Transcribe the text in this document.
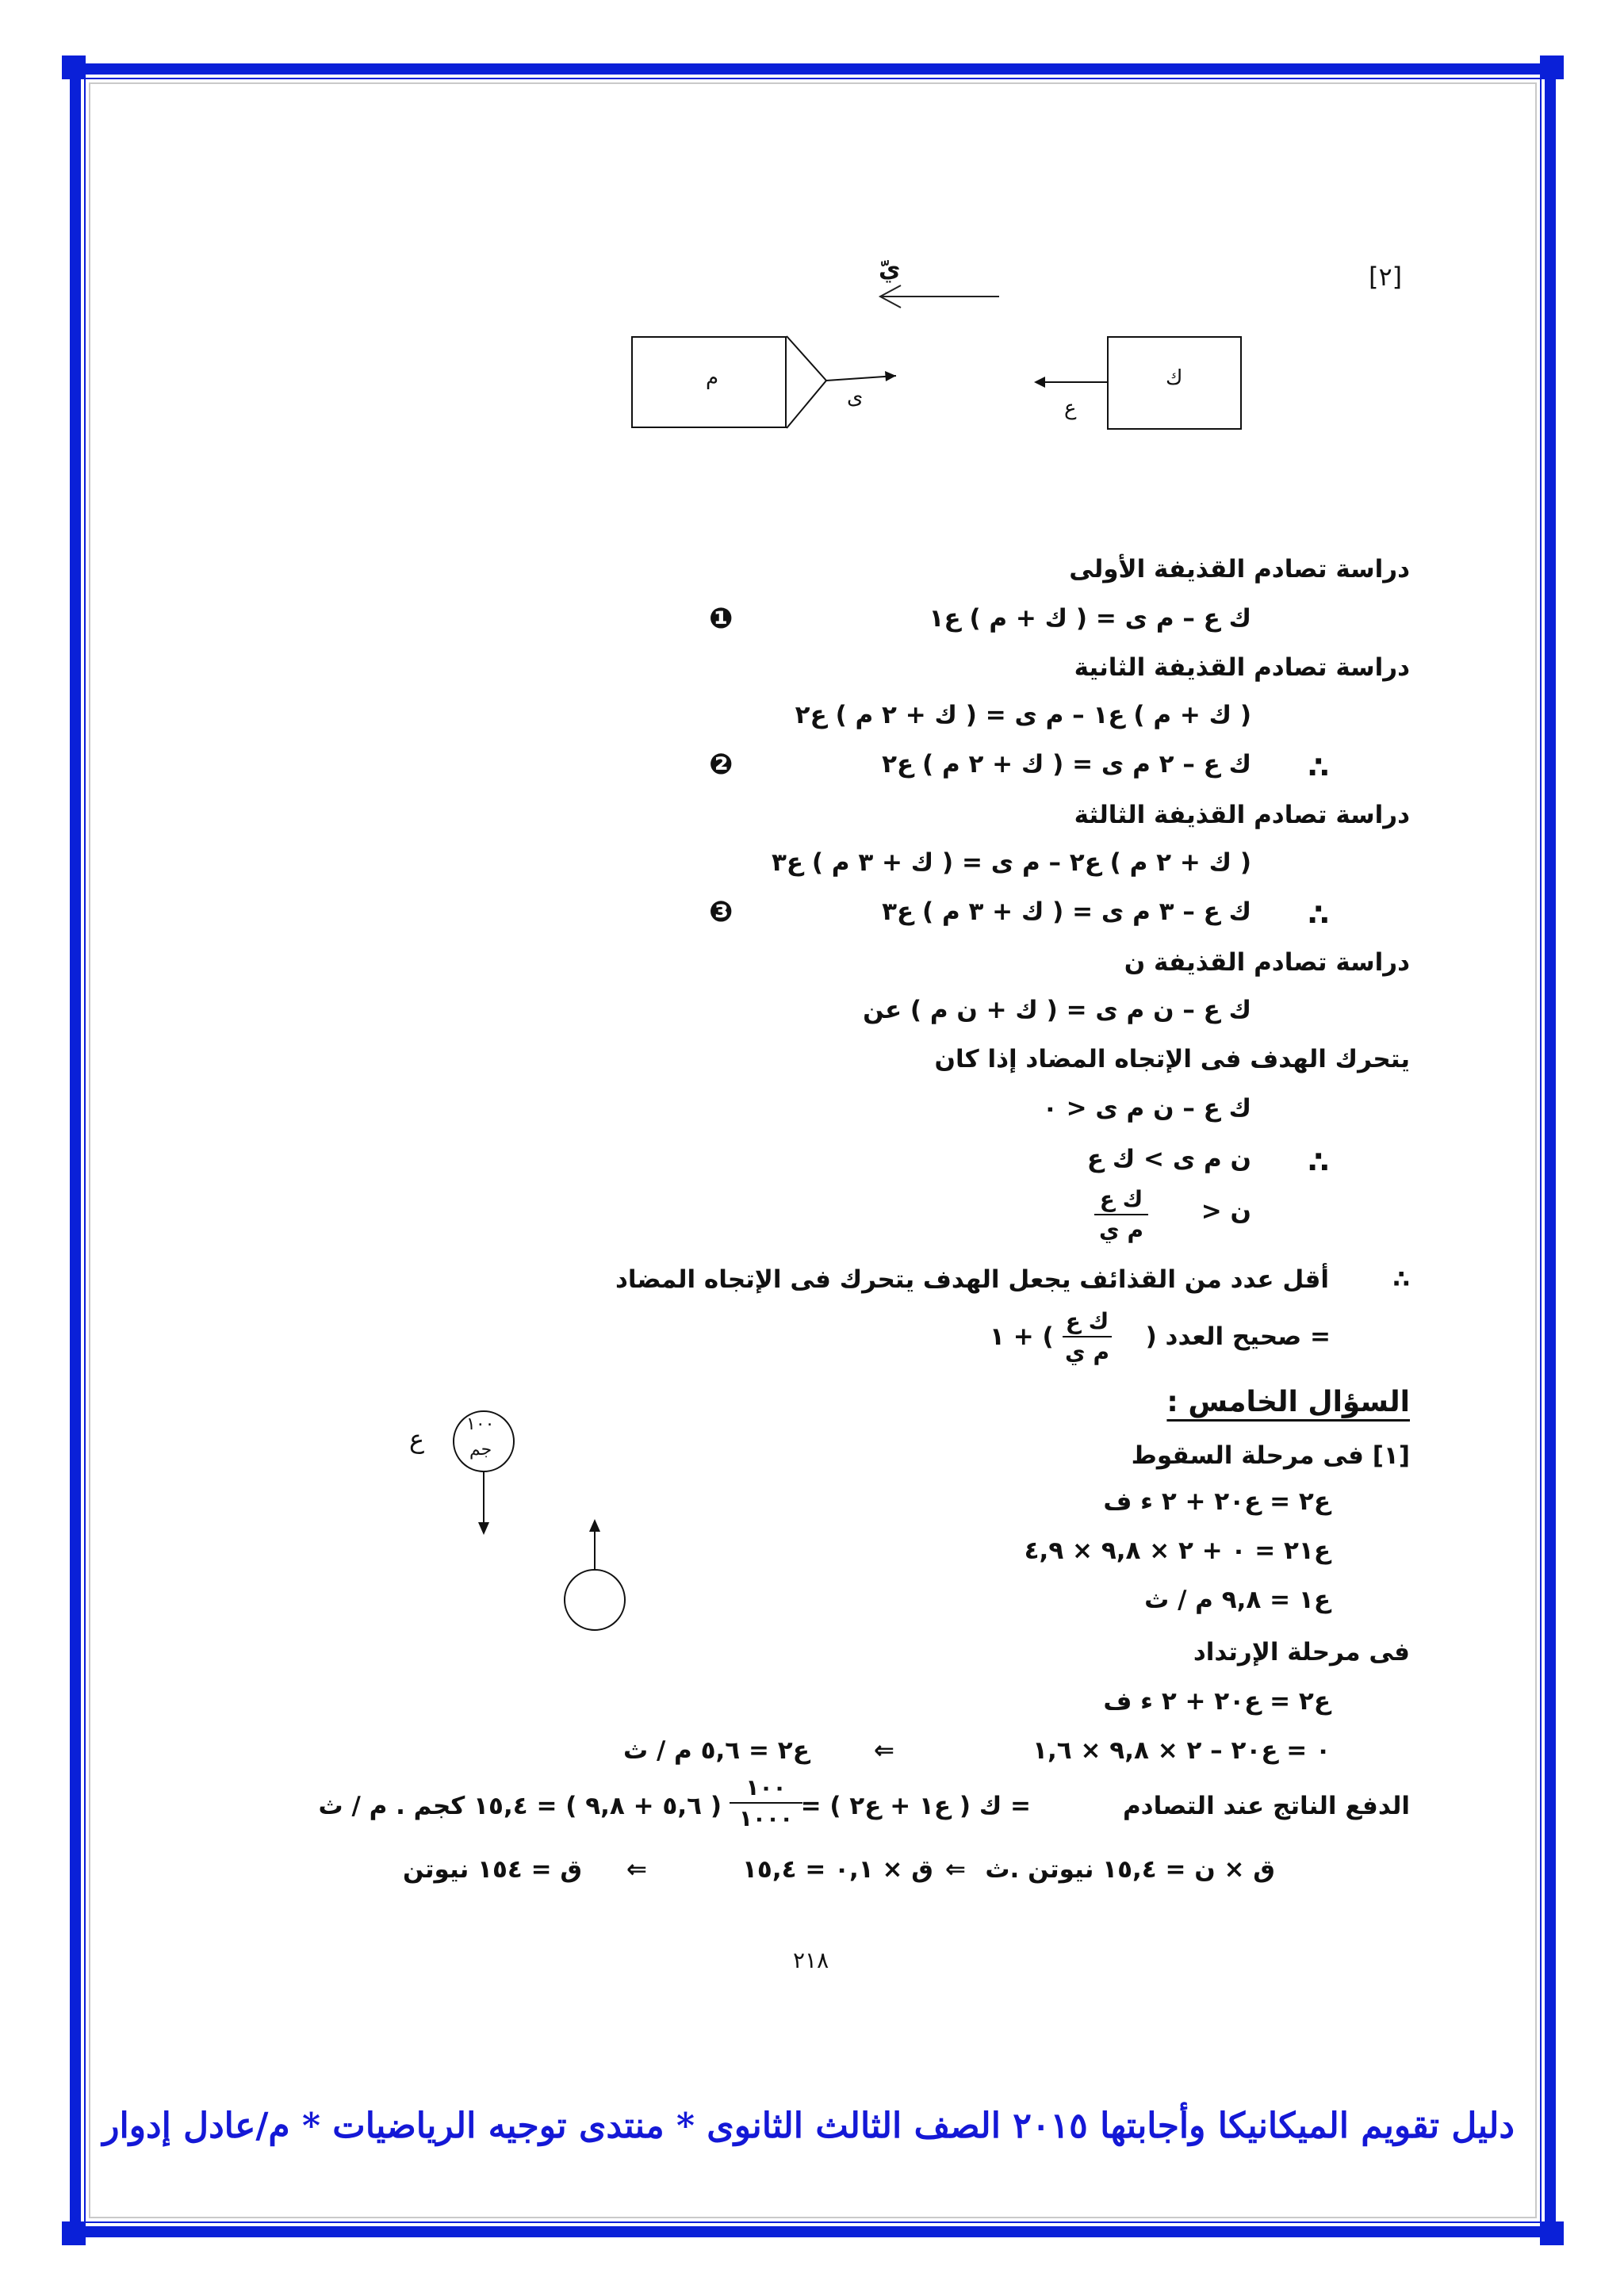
[٢]
يّ
م
ى
ك
ع
دراسة تصادم القذيفة الأولى
ك ع – م ى = ( ك + م ) ع١
❶
دراسة تصادم القذيفة الثانية
( ك + م ) ع١ – م ى = ( ك + ٢ م ) ع٢
∴
ك ع – ٢ م ى = ( ك + ٢ م ) ع٢
❷
دراسة تصادم القذيفة الثالثة
( ك + ٢ م ) ع٢ – م ى = ( ك + ٣ م ) ع٣
∴
ك ع – ٣ م ى = ( ك + ٣ م ) ع٣
❸
دراسة تصادم القذيفة ن
ك ع – ن م ى = ( ك + ن م ) عن
يتحرك الهدف فى الإتجاه المضاد إذا كان
ك ع – ن م ى < ٠
∴
ن م ى > ك ع
ن <
ك ع
م ي
∴
أقل عدد من القذائف يجعل الهدف يتحرك فى الإتجاه المضاد
= صحيح العدد (
ك ع
م ي
) + ١
السؤال الخامس :
١٠٠
جم
ع
[١] فى مرحلة السقوط
ع٢ = ع٢٠ + ٢ ء ف
ع٢١ = ٠ + ٢ × ٩,٨ × ٤,٩
ع١ = ٩,٨ م / ث
فى مرحلة الإرتداد
ع٢ = ع٢٠ + ٢ ء ف
٠ = ع٢٠ – ٢ × ٩,٨ × ١,٦
⇐
ع٢ = ٥,٦ م / ث
الدفع الناتج عند التصادم
= ك ( ع١ + ع٢ ) =
١٠٠
١٠٠٠
( ٥,٦ + ٩,٨ ) = ١٥,٤ كجم . م / ث
ق × ن = ١٥,٤ نيوتن .ث
⇐
ق × ٠,١ = ١٥,٤
⇐
ق = ١٥٤ نيوتن
٢١٨
دليل تقويم الميكانيكا وأجابتها ٢٠١٥ الصف الثالث الثانوى * منتدى توجيه الرياضيات * م/عادل إدوار
